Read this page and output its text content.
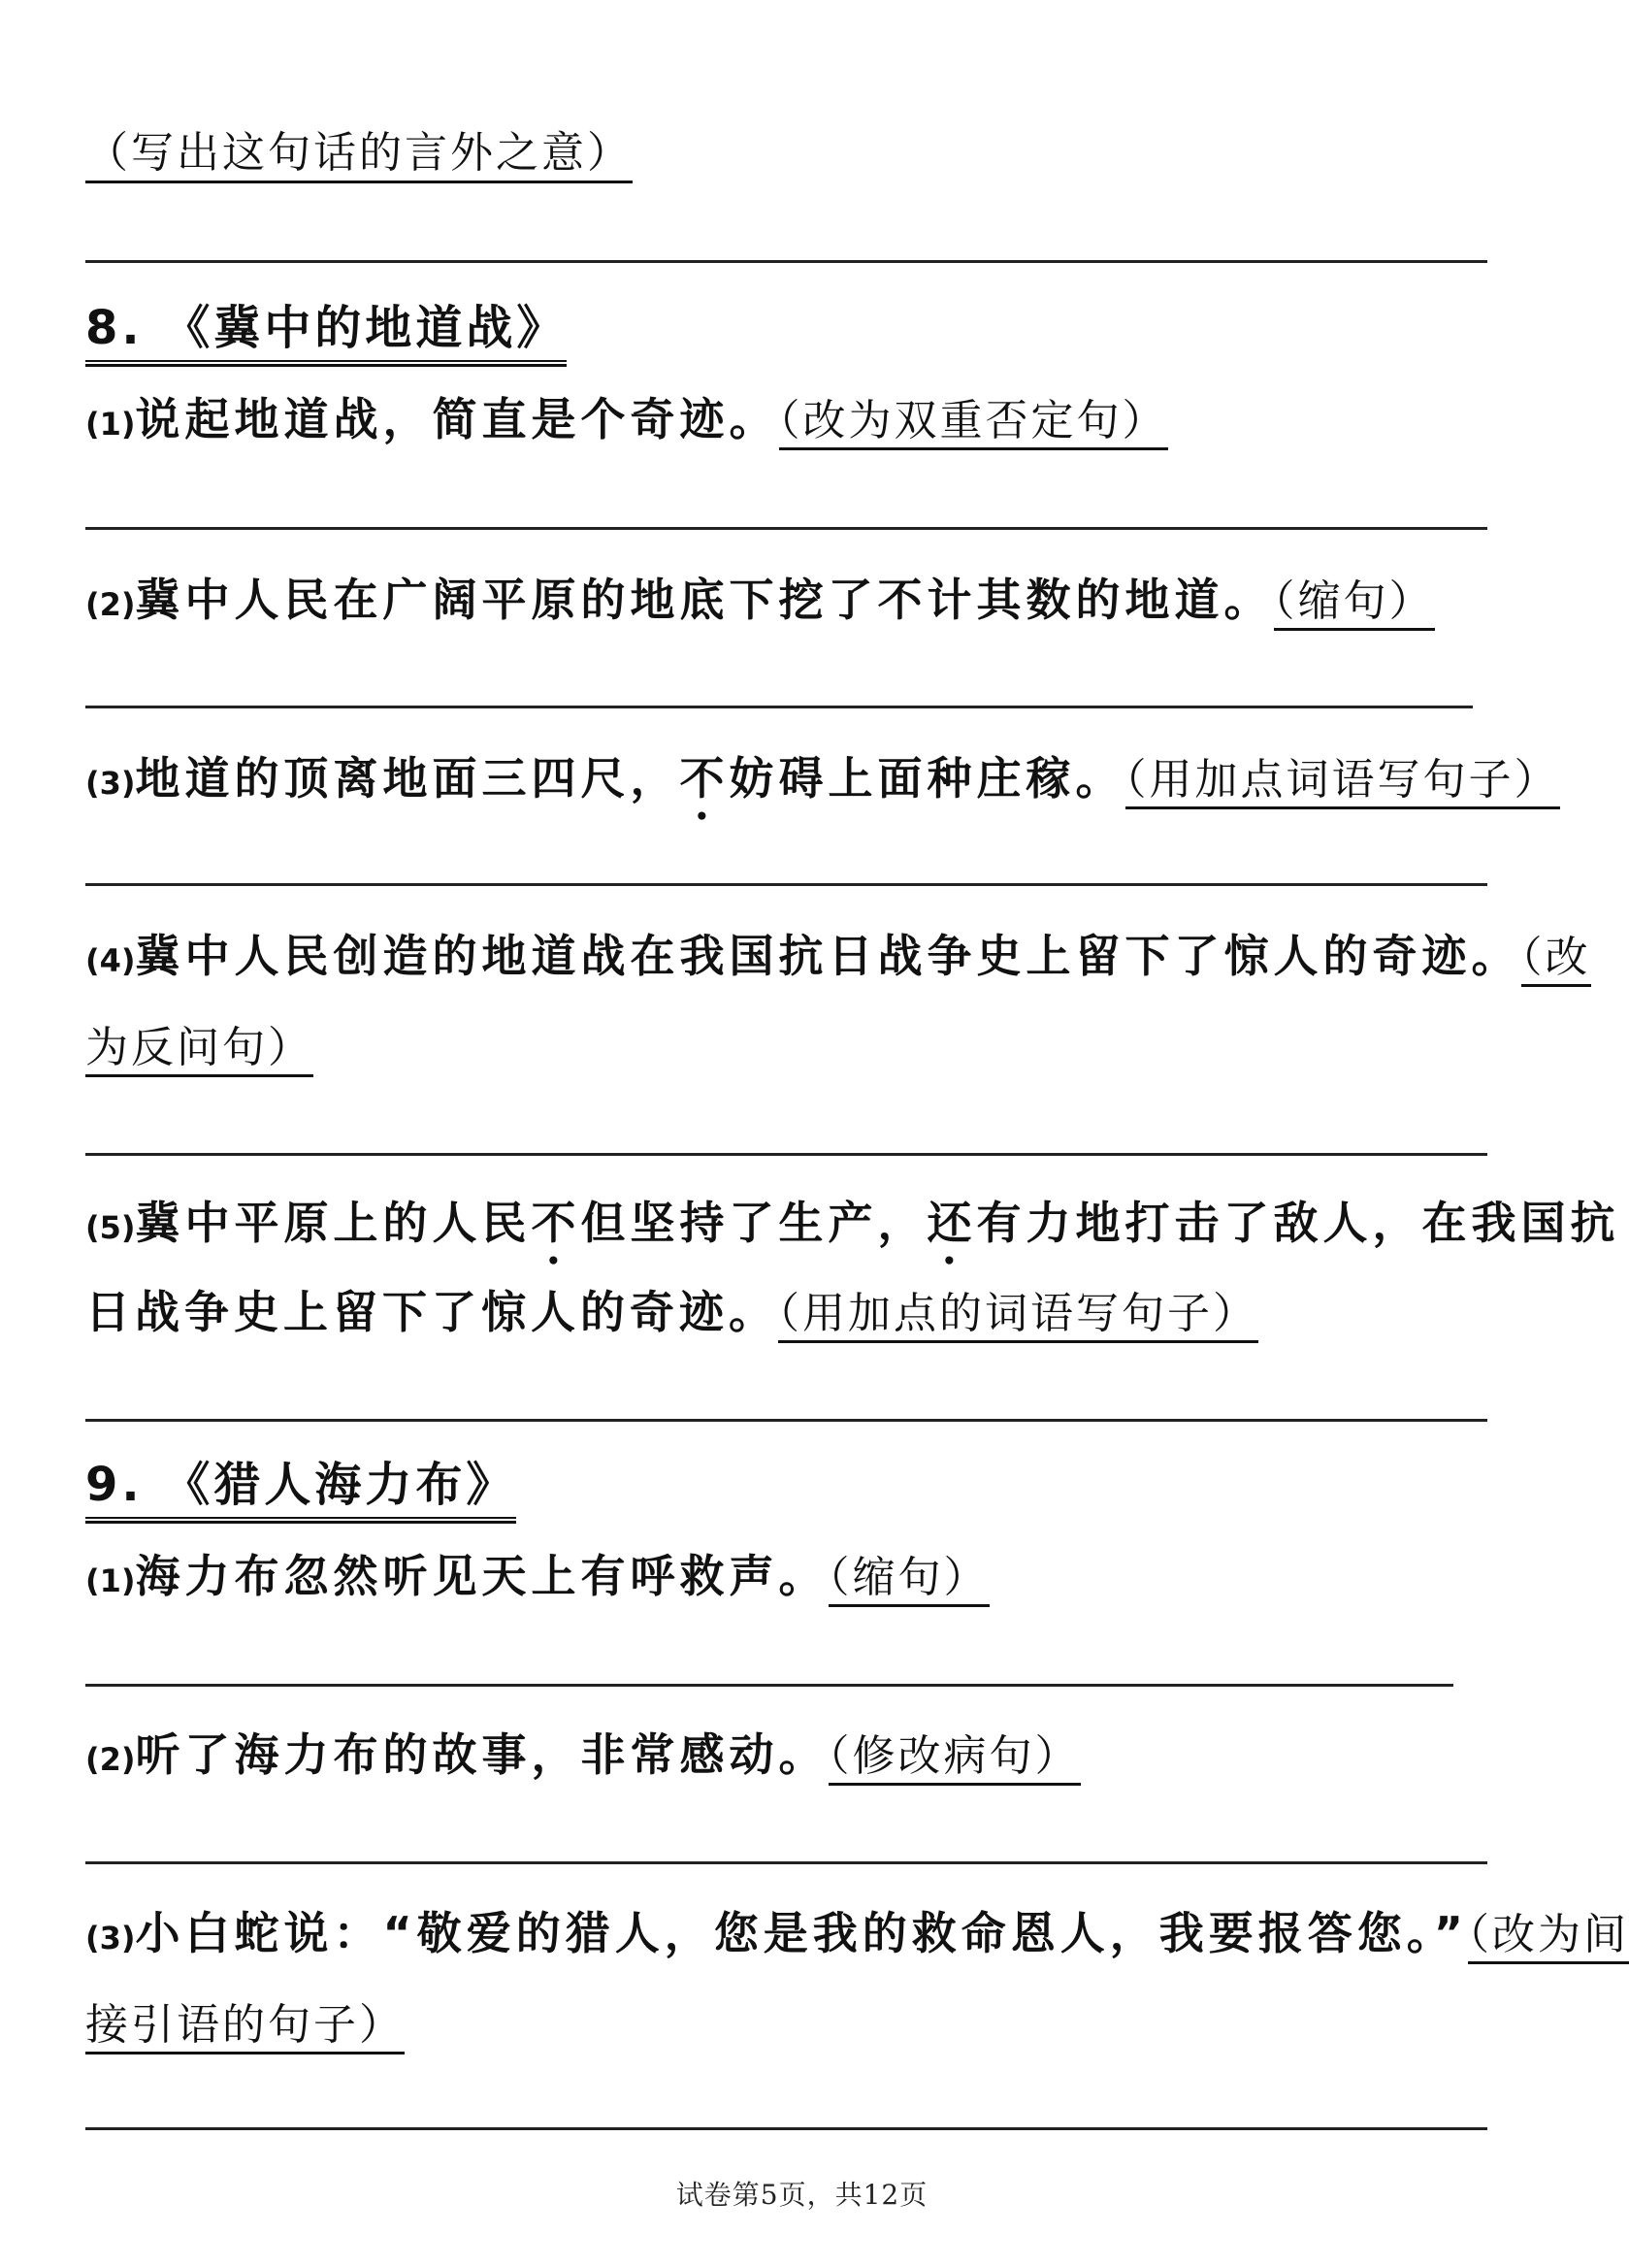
（写出这句话的言外之意）
8. 《冀中的地道战》
(1)说起地道战，简直是个奇迹。（改为双重否定句）
(2)冀中人民在广阔平原的地底下挖了不计其数的地道。（缩句）
(3)地道的顶离地面三四尺，不妨碍上面种庄稼。（用加点词语写句子）
(4)冀中人民创造的地道战在我国抗日战争史上留下了惊人的奇迹。（改
为反问句）
(5)冀中平原上的人民不但坚持了生产，还有力地打击了敌人，在我国抗
日战争史上留下了惊人的奇迹。（用加点的词语写句子）
9. 《猎人海力布》
(1)海力布忽然听见天上有呼救声。（缩句）
(2)听了海力布的故事，非常感动。（修改病句）
(3)小白蛇说：“敬爱的猎人，您是我的救命恩人，我要报答您。”（改为间
接引语的句子）
试卷第5页，共12页
